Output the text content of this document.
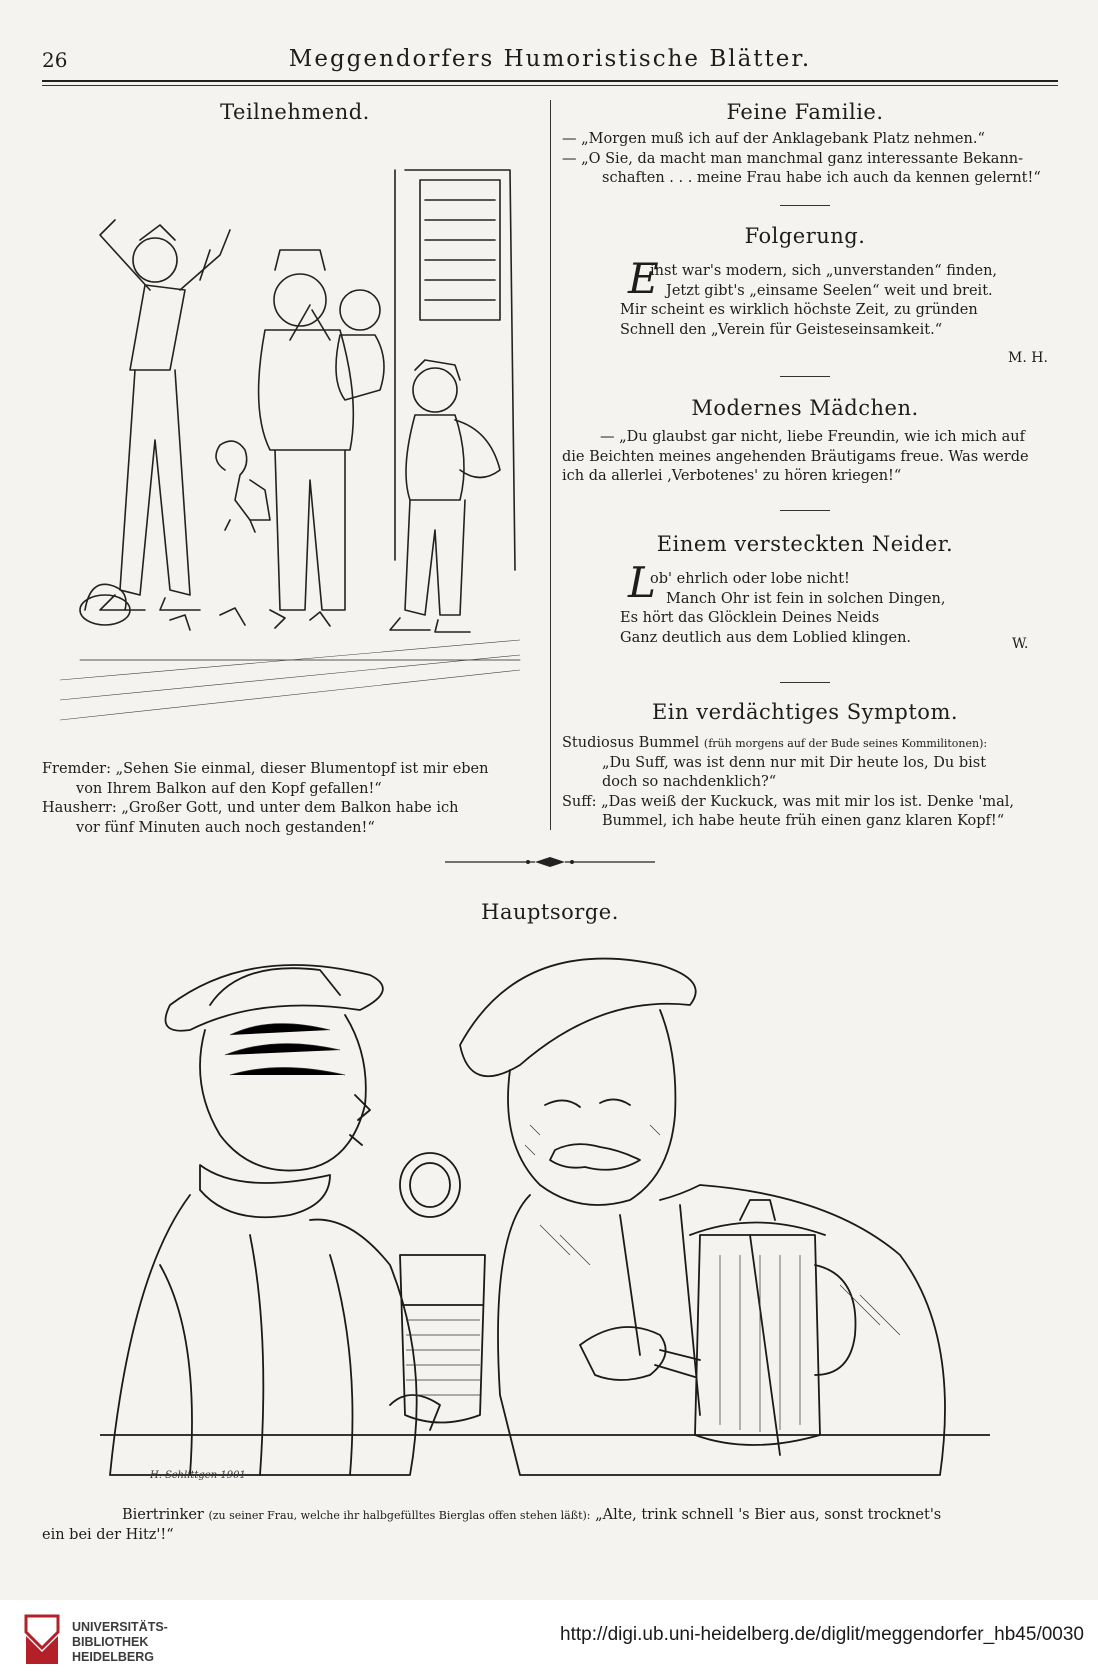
26	Meggendorfers Humoristische Blätter.
Teilnehmend.
Fremder: „Sehen Sie einmal, dieser Blumentopf ist mir eben
von Ihrem Balkon auf den Kopf gefallen!“
Hausherr: „Großer Gott, und unter dem Balkon habe ich
vor fünf Minuten auch noch gestanden!“
Feine Familie.
— „Morgen muß ich auf der Anklagebank Platz nehmen.“
— „O Sie, da macht man manchmal ganz interessante Bekann-
schaften . . . meine Frau habe ich auch da kennen gelernt!“
Folgerung.
E
inst war's modern, sich „unverstanden“ finden,
Jetzt gibt's „einsame Seelen“ weit und breit.
Mir scheint es wirklich höchste Zeit, zu gründen
Schnell den „Verein für Geisteseinsamkeit.“
M. H.
Modernes Mädchen.
— „Du glaubst gar nicht, liebe Freundin, wie ich mich auf
die Beichten meines angehenden Bräutigams freue. Was werde
ich da allerlei ‚Verbotenes' zu hören kriegen!“
Einem versteckten Neider.
L
ob' ehrlich oder lobe nicht!
Manch Ohr ist fein in solchen Dingen,
Es hört das Glöcklein Deines Neids
Ganz deutlich aus dem Loblied klingen.	W.
Ein verdächtiges Symptom.
Studiosus Bummel (früh morgens auf der Bude seines Kommilitonen):
„Du Suff, was ist denn nur mit Dir heute los, Du bist
doch so nachdenklich?“
Suff: „Das weiß der Kuckuck, was mit mir los ist. Denke 'mal,
Bummel, ich habe heute früh einen ganz klaren Kopf!“
Hauptsorge.
H. Schlittgen 1901
Biertrinker (zu seiner Frau, welche ihr halbgefülltes Bierglas offen stehen läßt): „Alte, trink schnell 's Bier aus, sonst trocknet's
ein bei der Hitz'!“
UNIVERSITÄTS-
BIBLIOTHEK
HEIDELBERG
http://digi.ub.uni-heidelberg.de/diglit/meggendorfer_hb45/0030
